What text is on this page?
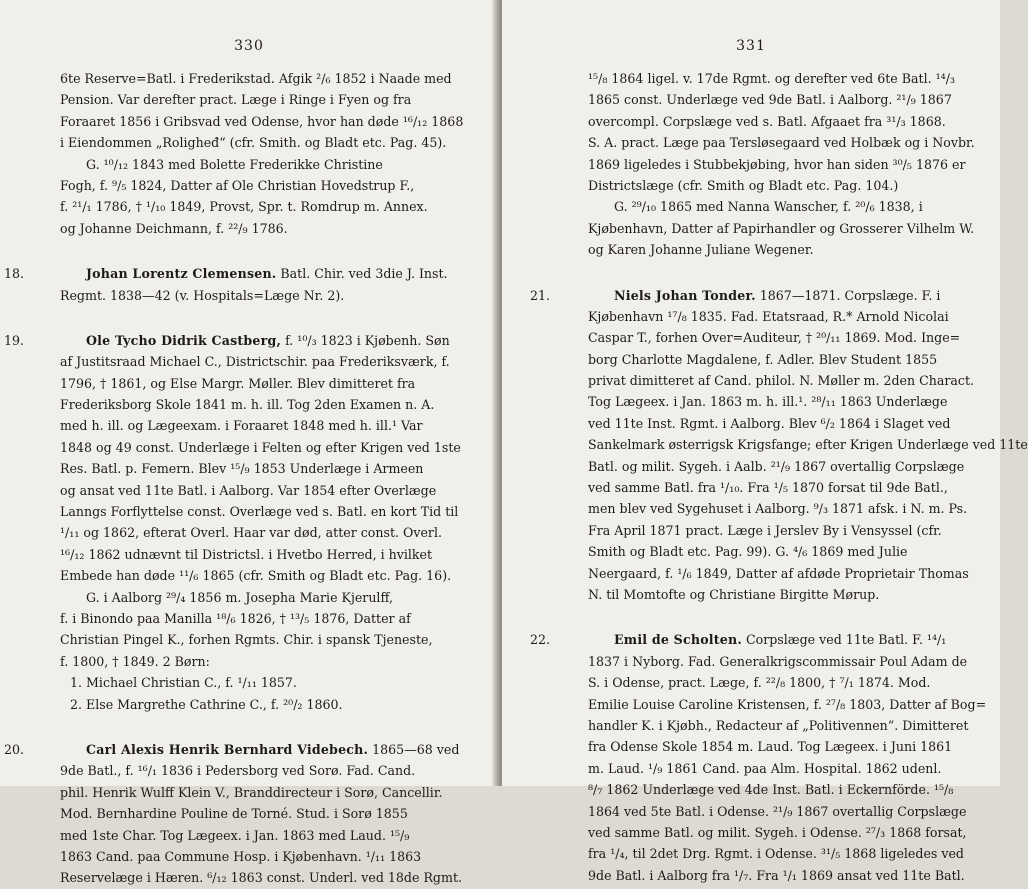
330
6te Reserve=Batl. i Frederikstad. Afgik ²/₆ 1852 i Naade med
Pension. Var derefter pract. Læge i Ringe i Fyen og fra
Foraaret 1856 i Gribsvad ved Odense, hvor han døde ¹⁶/₁₂ 1868
i Eiendommen „Roligheđ“ (cfr. Smith. og Bladt etc. Pag. 45).
G. ¹⁰/₁₂ 1843 med Bolette Frederikke Christine
Fogh, f. ⁹/₅ 1824, Datter af Ole Christian Hovedstrup F.,
f. ²¹/₁ 1786, † ¹/₁₀ 1849, Provst, Spr. t. Romdrup m. Annex.
og Johanne Deichmann, f. ²²/₉ 1786.
18.	Johan Lorentz Clemensen. Batl. Chir. ved 3die J. Inst.
Regmt. 1838—42 (v. Hospitals=Læge Nr. 2).
19.	Ole Tycho Didrik Castberg, f. ¹⁰/₃ 1823 i Kjøbenh. Søn
af Justitsraad Michael C., Districtschir. paa Frederiksværk, f.
1796, † 1861, og Else Margr. Møller. Blev dimitteret fra
Frederiksborg Skole 1841 m. h. ill. Tog 2den Examen n. A.
med h. ill. og Lægeexam. i Foraaret 1848 med h. ill.¹ Var
1848 og 49 const. Underlæge i Felten og efter Krigen ved 1ste
Res. Batl. p. Femern. Blev ¹⁵/₉ 1853 Underlæge i Armeen
og ansat ved 11te Batl. i Aalborg. Var 1854 efter Overlæge
Lanngs Forflyttelse const. Overlæge ved s. Batl. en kort Tid til
¹/₁₁ og 1862, efterat Overl. Haar var død, atter const. Overl.
¹⁶/₁₂ 1862 udnævnt til Districtsl. i Hvetbo Herred, i hvilket
Embede han døde ¹¹/₆ 1865 (cfr. Smith og Bladt etc. Pag. 16).
G. i Aalborg ²⁹/₄ 1856 m. Josepha Marie Kjerulff,
f. i Binondo paa Manilla ¹⁸/₆ 1826, † ¹³/₅ 1876, Datter af
Christian Pingel K., forhen Rgmts. Chir. i spansk Tjeneste,
f. 1800, † 1849. 2 Børn:
1. Michael Christian C., f. ¹/₁₁ 1857.
2. Else Margrethe Cathrine C., f. ²⁰/₂ 1860.
20.	Carl Alexis Henrik Bernhard Videbech. 1865—68 ved
9de Batl., f. ¹⁶/₁ 1836 i Pedersborg ved Sorø. Fad. Cand.
phil. Henrik Wulff Klein V., Branddirecteur i Sorø, Cancellir.
Mod. Bernhardine Pouline de Torné. Stud. i Sorø 1855
med 1ste Char. Tog Lægeex. i Jan. 1863 med Laud. ¹⁵/₉
1863 Cand. paa Commune Hosp. i Kjøbenhavn. ¹/₁₁ 1863
Reservelæge i Hæren. ⁶/₁₂ 1863 const. Underl. ved 18de Rgmt.
331
¹⁵/₈ 1864 ligel. v. 17de Rgmt. og derefter ved 6te Batl. ¹⁴/₃
1865 const. Underlæge ved 9de Batl. i Aalborg. ²¹/₉ 1867
overcompl. Corpslæge ved s. Batl. Afgaaet fra ³¹/₃ 1868.
S. A. pract. Læge paa Tersløsegaard ved Holbæk og i Novbr.
1869 ligeledes i Stubbekjøbing, hvor han siden ³⁰/₅ 1876 er
Districtslæge (cfr. Smith og Bladt etc. Pag. 104.)
G. ²⁹/₁₀ 1865 med Nanna Wanscher, f. ²⁰/₆ 1838, i
Kjøbenhavn, Datter af Papirhandler og Grosserer Vilhelm W.
og Karen Johanne Juliane Wegener.
21.	Niels Johan Tonder. 1867—1871. Corpslæge. F. i
Kjøbenhavn ¹⁷/₈ 1835. Fad. Etatsraad, R.* Arnold Nicolai
Caspar T., forhen Over=Auditeur, † ²⁰/₁₁ 1869. Mod. Inge=
borg Charlotte Magdalene, f. Adler. Blev Student 1855
privat dimitteret af Cand. philol. N. Møller m. 2den Charact.
Tog Lægeex. i Jan. 1863 m. h. ill.¹. ²⁸/₁₁ 1863 Underlæge
ved 11te Inst. Rgmt. i Aalborg. Blev ⁶/₂ 1864 i Slaget ved
Sankelmark østerrigsk Krigsfange; efter Krigen Underlæge ved 11te
Batl. og milit. Sygeh. i Aalb. ²¹/₉ 1867 overtallig Corpslæge
ved samme Batl. fra ¹/₁₀. Fra ¹/₅ 1870 forsat til 9de Batl.,
men blev ved Sygehuset i Aalborg. ⁹/₃ 1871 afsk. i N. m. Ps.
Fra April 1871 pract. Læge i Jerslev By i Vensyssel (cfr.
Smith og Bladt etc. Pag. 99). G. ⁴/₆ 1869 med Julie
Neergaard, f. ¹/₆ 1849, Datter af afdøde Proprietair Thomas
N. til Momtofte og Christiane Birgitte Mørup.
22.	Emil de Scholten. Corpslæge ved 11te Batl. F. ¹⁴/₁
1837 i Nyborg. Fad. Generalkrigscommissair Poul Adam de
S. i Odense, pract. Læge, f. ²²/₈ 1800, † ⁷/₁ 1874. Mod.
Emilie Louise Caroline Kristensen, f. ²⁷/₈ 1803, Datter af Bog=
handler K. i Kjøbh., Redacteur af „Politivennen“. Dimitteret
fra Odense Skole 1854 m. Laud. Tog Lægeex. i Juni 1861
m. Laud. ¹/₉ 1861 Cand. paa Alm. Hospital. 1862 udenl.
⁸/₇ 1862 Underlæge ved 4de Inst. Batl. i Eckernförde. ¹⁵/₈
1864 ved 5te Batl. i Odense. ²¹/₉ 1867 overtallig Corpslæge
ved samme Batl. og milit. Sygeh. i Odense. ²⁷/₃ 1868 forsat,
fra ¹/₄, til 2det Drg. Rgmt. i Odense. ³¹/₅ 1868 ligeledes ved
9de Batl. i Aalborg fra ¹/₇. Fra ¹/₁ 1869 ansat ved 11te Batl.
